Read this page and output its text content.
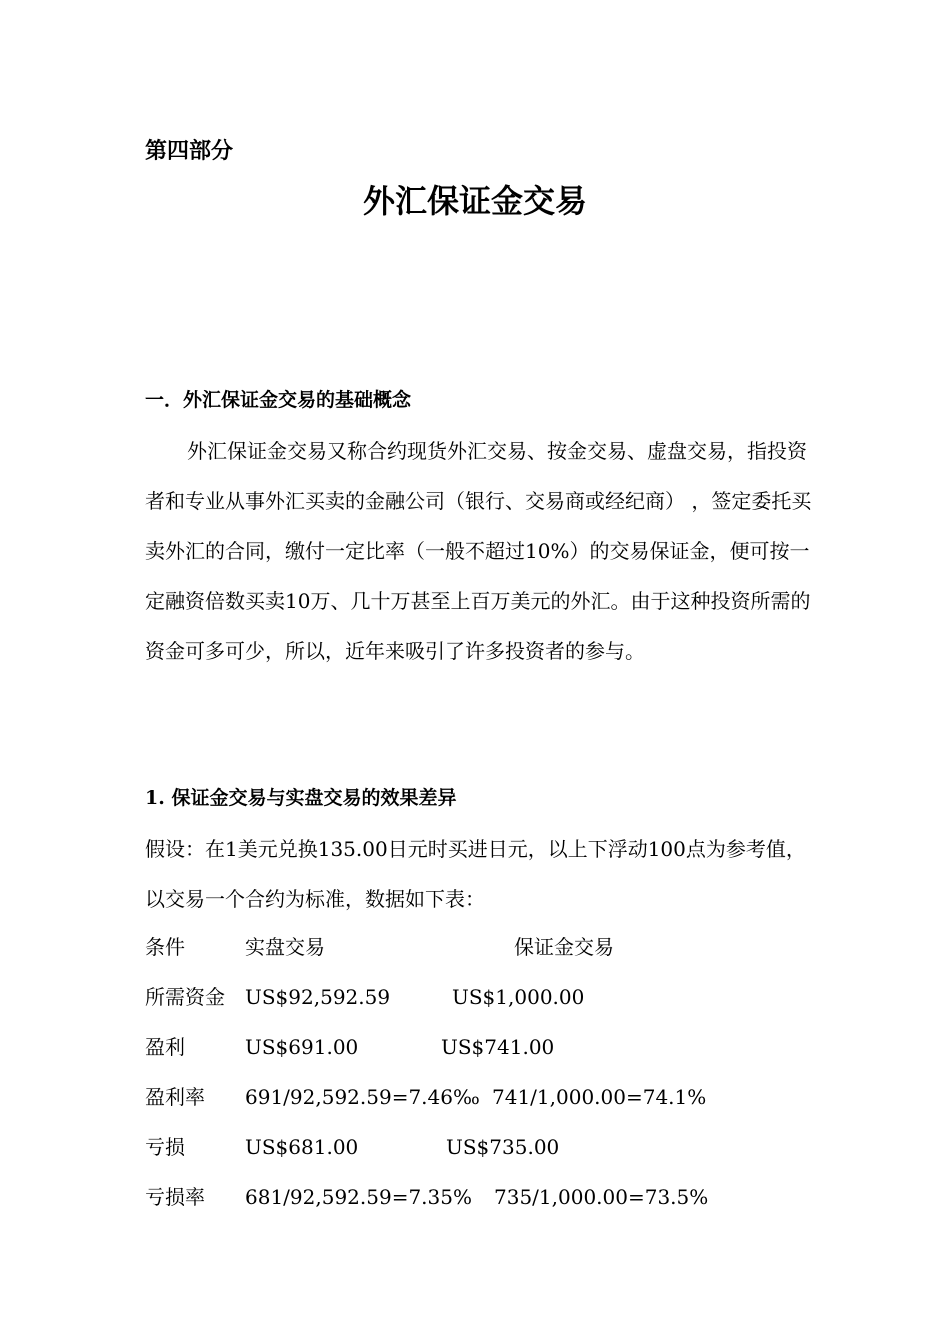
第四部分

外汇保证金交易
一．外汇保证金交易的基础概念

外汇保证金交易又称合约现货外汇交易、按金交易、虚盘交易，指投资者和专业从事外汇买卖的金融公司（银行、交易商或经纪商） ，签定委托买卖外汇的合同，缴付一定比率（一般不超过10%）的交易保证金，便可按一定融资倍数买卖10万、几十万甚至上百万美元的外汇。由于这种投资所需的资金可多可少，所以，近年来吸引了许多投资者的参与。

1. 保证金交易与实盘交易的效果差异

假设：在1美元兑换135.00日元时买进日元，以上下浮动100点为参考值，以交易一个合约为标准，数据如下表：

条件	实盘交易	保证金交易
所需资金 US$92,592.59	US$1,000.00
盈利	US$691.00	US$741.00
盈利率 691/92,592.59=7.46‰ 741/1,000.00=74.1%
亏损	US$681.00	US$735.00
亏损率 681/92,592.59=7.35% 735/1,000.00=73.5%
